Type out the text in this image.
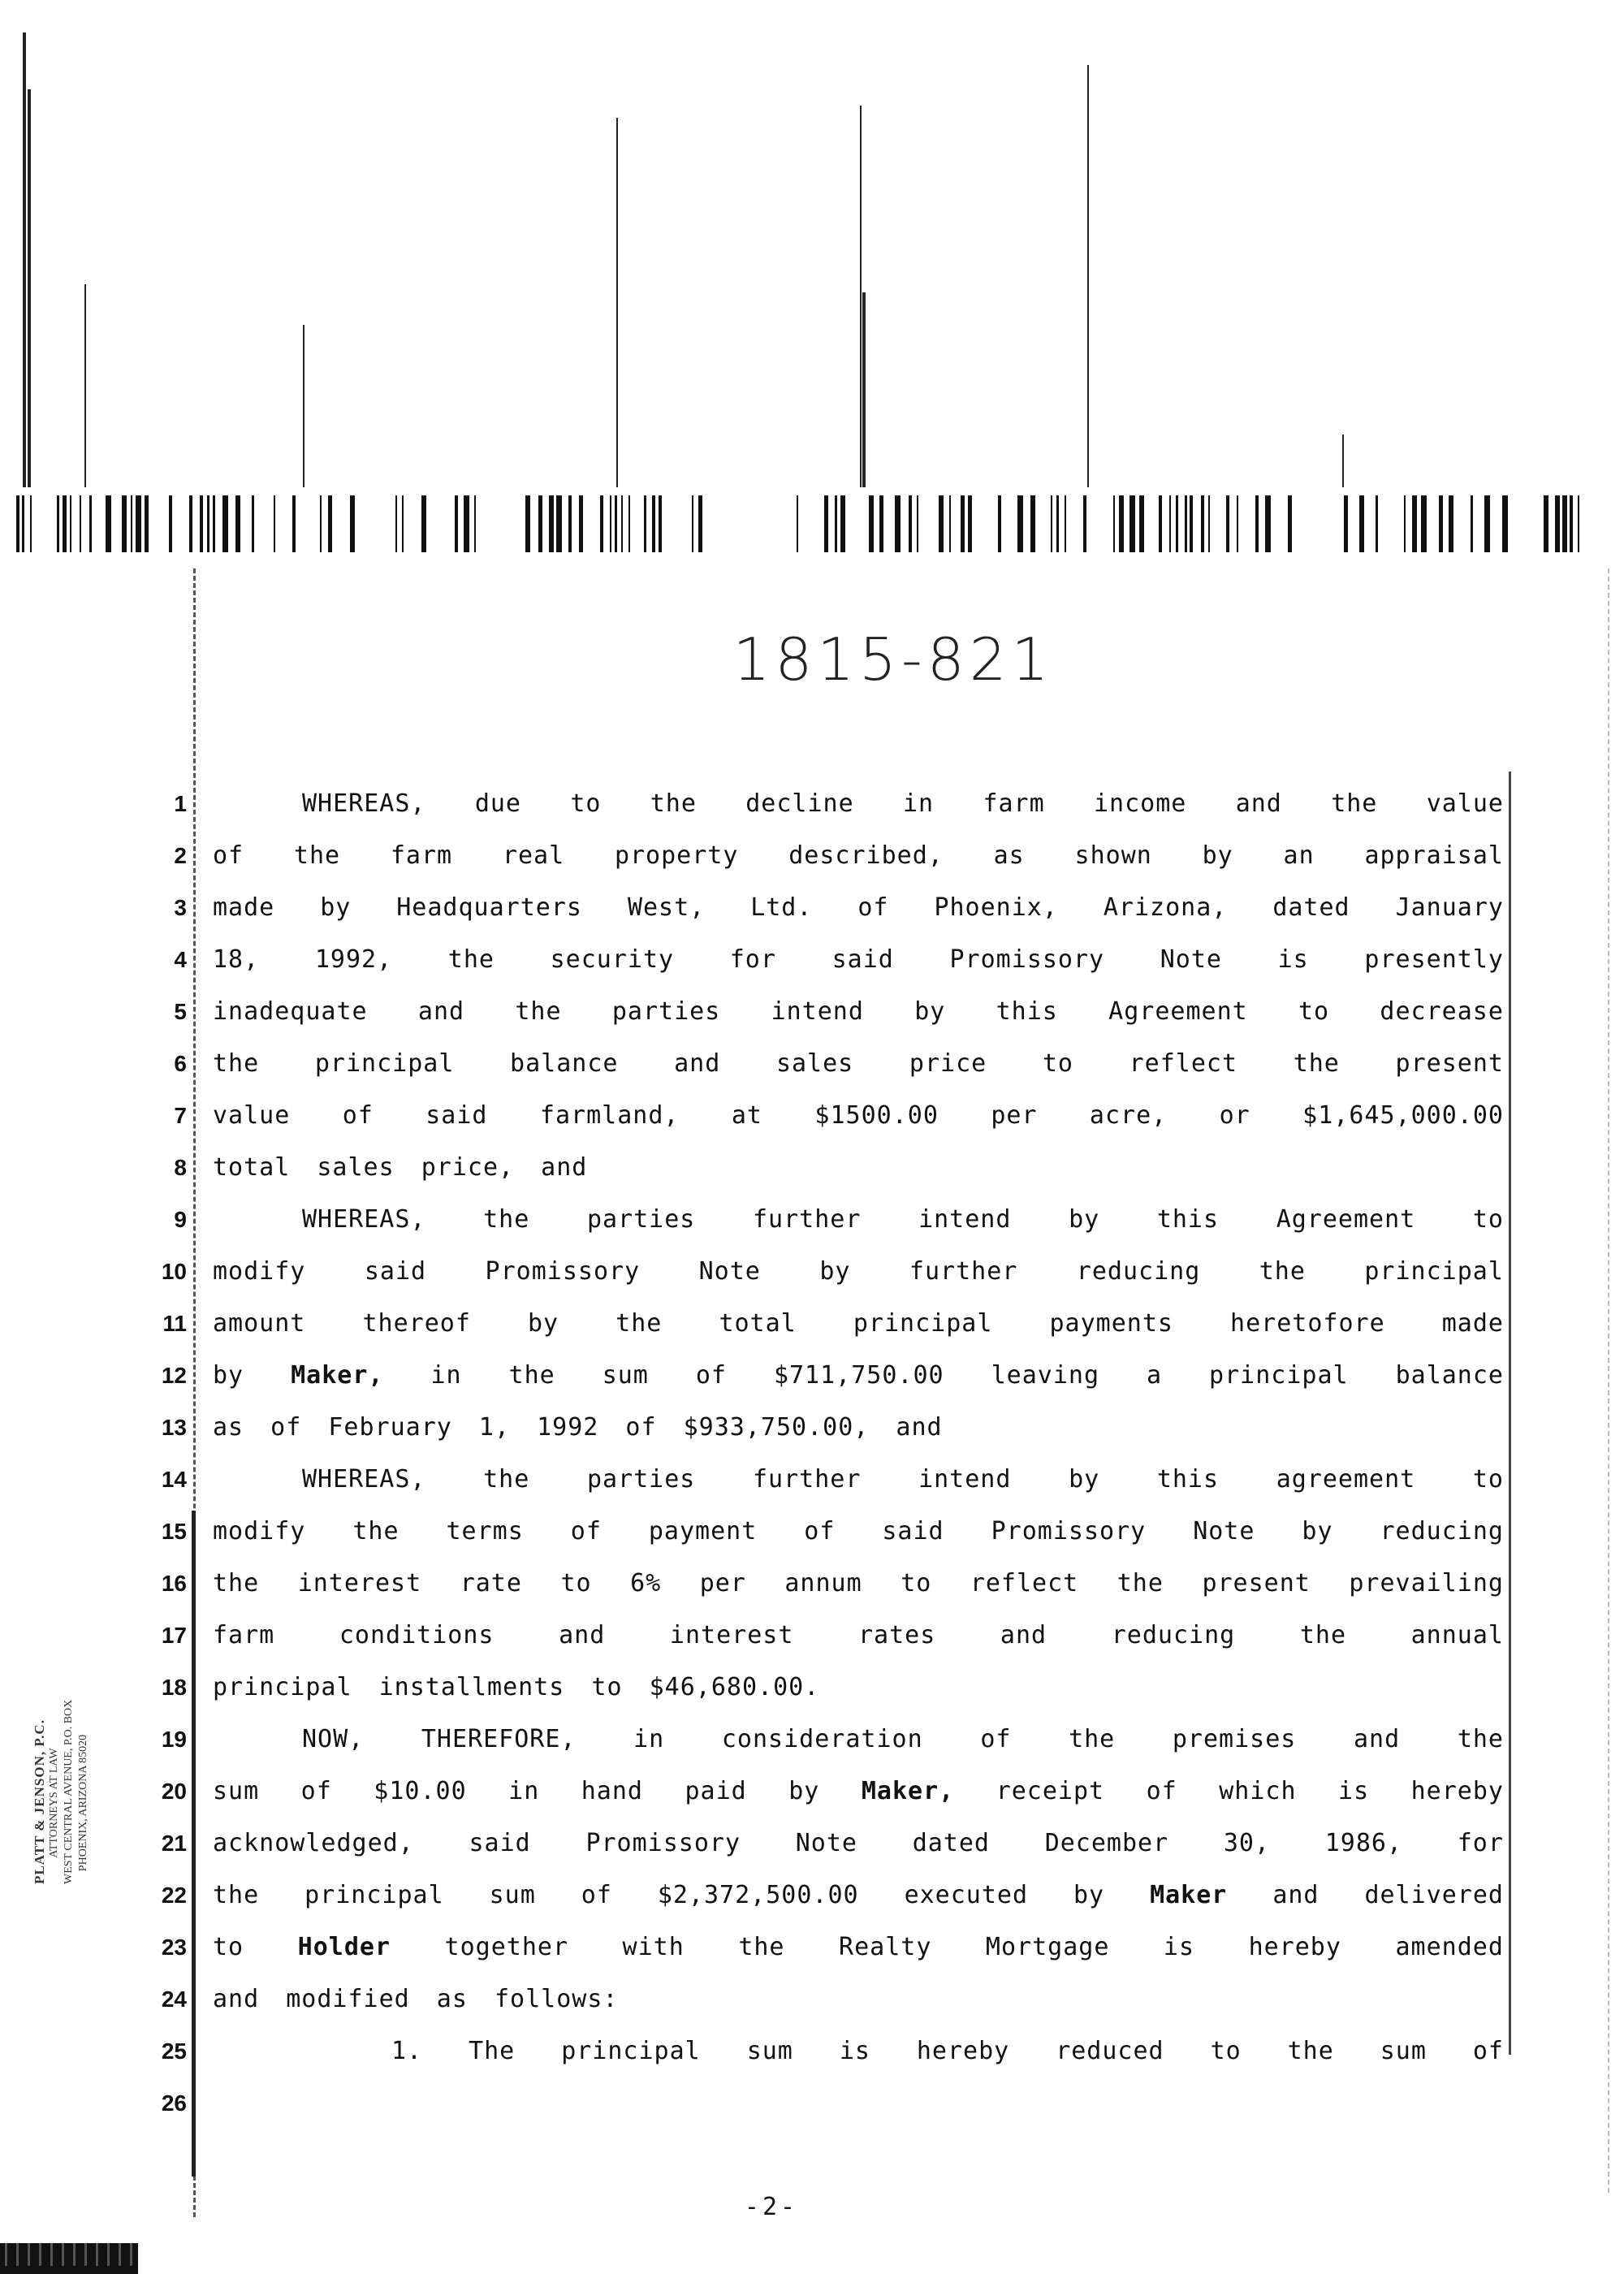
1815-821
1
2
3
4
5
6
7
8
9
10
11
12
13
14
15
16
17
18
19
20
21
22
23
24
25
26
WHEREAS, due to the decline in farm income and the value
of the farm real property described, as shown by an appraisal
made by Headquarters West, Ltd. of Phoenix, Arizona, dated January
18, 1992, the security for said Promissory Note is presently
inadequate and the parties intend by this Agreement to decrease
the principal balance and sales price to reflect the present
value of said farmland, at $1500.00 per acre, or $1,645,000.00
total sales price, and
WHEREAS, the parties further intend by this Agreement to
modify said Promissory Note by further reducing the principal
amount thereof by the total principal payments heretofore made
by Maker, in the sum of $711,750.00 leaving a principal balance
as of February 1, 1992 of $933,750.00, and
WHEREAS, the parties further intend by this agreement to
modify the terms of payment of said Promissory Note by reducing
the interest rate to 6% per annum to reflect the present prevailing
farm	conditions	and	interest	rates	and	reducing	the	annual
principal installments to $46,680.00.
NOW, THEREFORE, in consideration of the premises and the
sum of $10.00 in hand paid by Maker, receipt of which is hereby
acknowledged, said Promissory Note dated December 30, 1986, for
the principal sum of $2,372,500.00 executed by Maker and delivered
to Holder together with the Realty Mortgage is hereby amended
and modified as follows:
1. The principal sum is hereby reduced to the sum of
PLATT & JENSON, P.C. ATTORNEYS AT LAW WEST CENTRAL AVENUE, P.O. BOX PHOENIX, ARIZONA 85020
-2-
